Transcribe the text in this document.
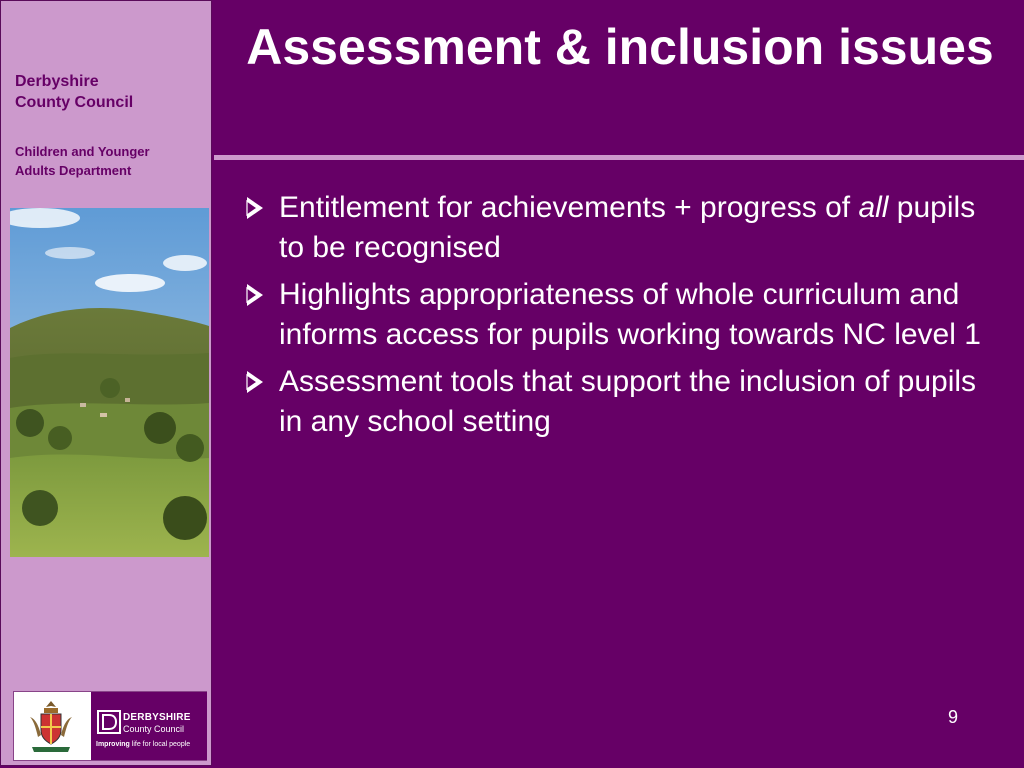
Derbyshire
County Council
Children and Younger
Adults Department
DERBYSHIRE
County Council
Improving life for local people
Assessment & inclusion issues
Entitlement for achievements + progress of all pupils to be recognised
Highlights appropriateness of whole curriculum and informs access for pupils working towards NC level 1
Assessment tools that support the inclusion of pupils in any school setting
9
